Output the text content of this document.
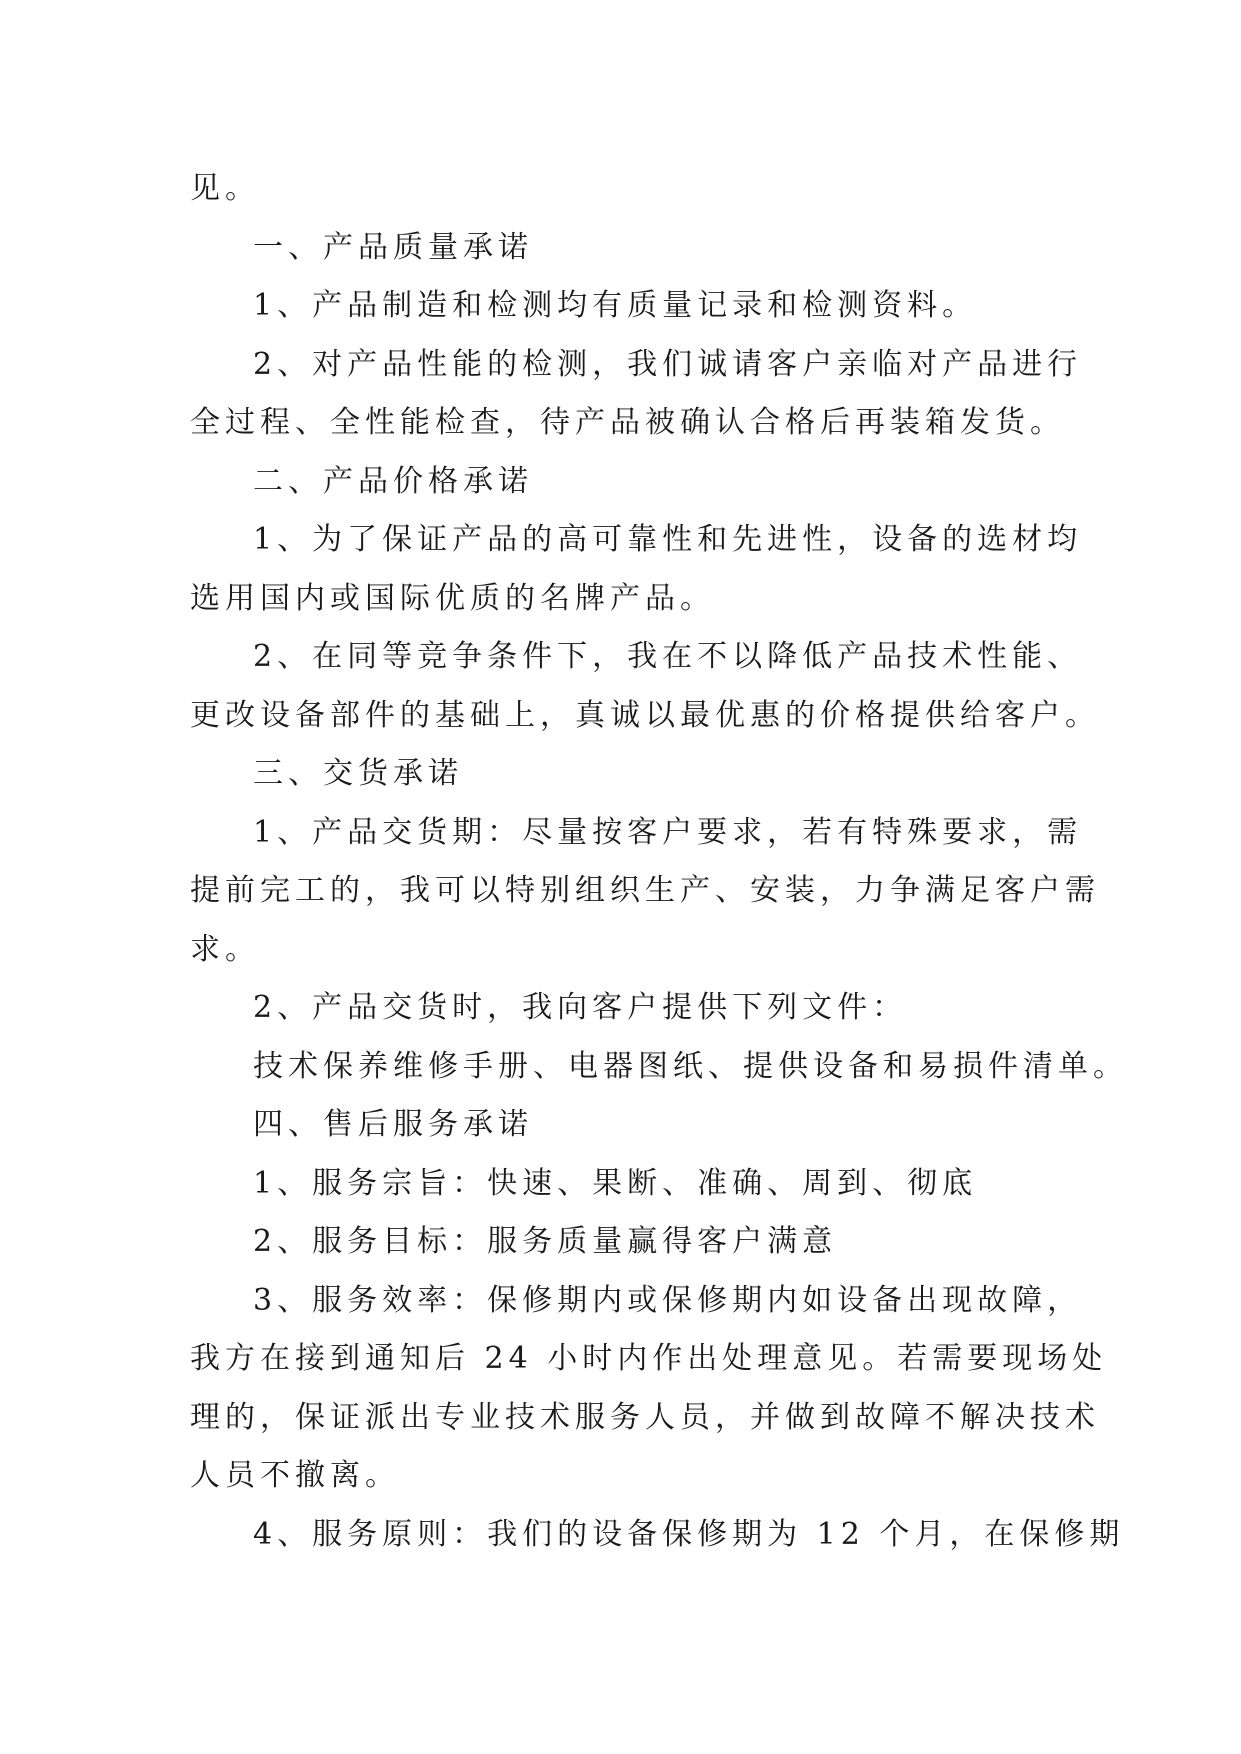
见。

一、产品质量承诺

1、产品制造和检测均有质量记录和检测资料。

2、对产品性能的检测，我们诚请客户亲临对产品进行

全过程、全性能检查，待产品被确认合格后再装箱发货。

二、产品价格承诺

1、为了保证产品的高可靠性和先进性，设备的选材均

选用国内或国际优质的名牌产品。

2、在同等竞争条件下，我在不以降低产品技术性能、

更改设备部件的基础上，真诚以最优惠的价格提供给客户。

三、交货承诺

1、产品交货期：尽量按客户要求，若有特殊要求，需

提前完工的，我可以特别组织生产、安装，力争满足客户需

求。

2、产品交货时，我向客户提供下列文件：

技术保养维修手册、电器图纸、提供设备和易损件清单。

四、售后服务承诺

1、服务宗旨：快速、果断、准确、周到、彻底

2、服务目标：服务质量赢得客户满意

3、服务效率：保修期内或保修期内如设备出现故障，

我方在接到通知后 24 小时内作出处理意见。若需要现场处

理的，保证派出专业技术服务人员，并做到故障不解决技术

人员不撤离。

4、服务原则：我们的设备保修期为 12 个月，在保修期
